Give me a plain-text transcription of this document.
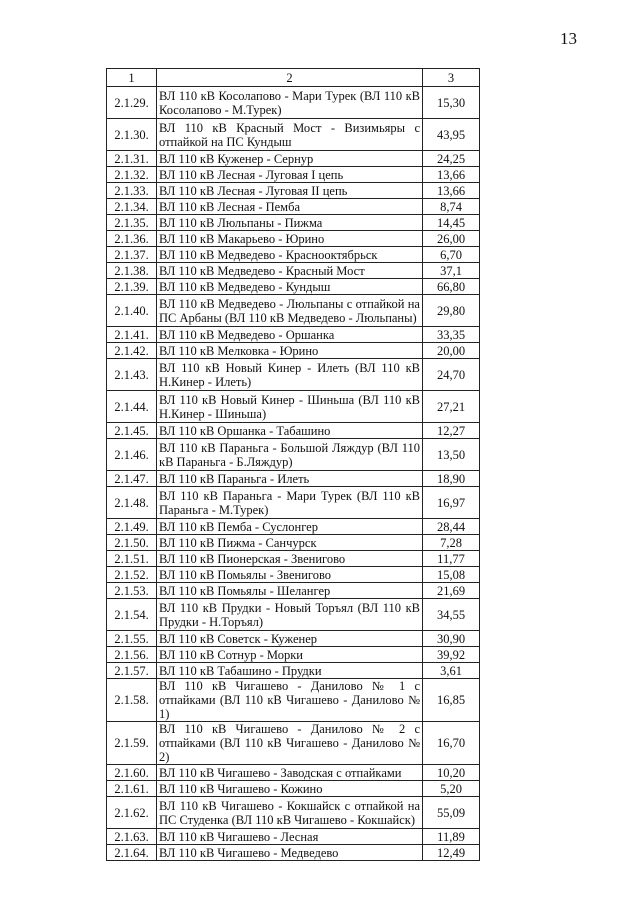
13
1	2	3
2.1.29.	ВЛ 110 кВ Косолапово - Мари Турек (ВЛ 110 кВ Косолапово - М.Турек)	15,30
2.1.30.	ВЛ 110 кВ Красный Мост - Визимьяры с отпайкой на ПС Кундыш	43,95
2.1.31.	ВЛ 110 кВ Куженер - Сернур	24,25
2.1.32.	ВЛ 110 кВ Лесная - Луговая I цепь	13,66
2.1.33.	ВЛ 110 кВ Лесная - Луговая II цепь	13,66
2.1.34.	ВЛ 110 кВ Лесная - Пемба	8,74
2.1.35.	ВЛ 110 кВ Люльпаны - Пижма	14,45
2.1.36.	ВЛ 110 кВ Макарьево - Юрино	26,00
2.1.37.	ВЛ 110 кВ Медведево - Краснооктябрьск	6,70
2.1.38.	ВЛ 110 кВ Медведево - Красный Мост	37,1
2.1.39.	ВЛ 110 кВ Медведево - Кундыш	66,80
2.1.40.	ВЛ 110 кВ Медведево - Люльпаны с отпайкой на ПС Арбаны (ВЛ 110 кВ Медведево - Люльпаны)	29,80
2.1.41.	ВЛ 110 кВ Медведево - Оршанка	33,35
2.1.42.	ВЛ 110 кВ Мелковка - Юрино	20,00
2.1.43.	ВЛ 110 кВ Новый Кинер - Илеть (ВЛ 110 кВ Н.Кинер - Илеть)	24,70
2.1.44.	ВЛ 110 кВ Новый Кинер - Шиньша (ВЛ 110 кВ Н.Кинер - Шиньша)	27,21
2.1.45.	ВЛ 110 кВ Оршанка - Табашино	12,27
2.1.46.	ВЛ 110 кВ Параньга - Большой Ляждур (ВЛ 110 кВ Параньга - Б.Ляждур)	13,50
2.1.47.	ВЛ 110 кВ Параньга - Илеть	18,90
2.1.48.	ВЛ 110 кВ Параньга - Мари Турек (ВЛ 110 кВ Параньга - М.Турек)	16,97
2.1.49.	ВЛ 110 кВ Пемба - Суслонгер	28,44
2.1.50.	ВЛ 110 кВ Пижма - Санчурск	7,28
2.1.51.	ВЛ 110 кВ Пионерская - Звенигово	11,77
2.1.52.	ВЛ 110 кВ Помьялы - Звенигово	15,08
2.1.53.	ВЛ 110 кВ Помьялы - Шелангер	21,69
2.1.54.	ВЛ 110 кВ Прудки - Новый Торъял (ВЛ 110 кВ Прудки - Н.Торъял)	34,55
2.1.55.	ВЛ 110 кВ Советск - Куженер	30,90
2.1.56.	ВЛ 110 кВ Сотнур - Морки	39,92
2.1.57.	ВЛ 110 кВ Табашино - Прудки	3,61
2.1.58.	ВЛ 110 кВ Чигашево - Данилово № 1 с отпайками (ВЛ 110 кВ Чигашево - Данилово № 1)	16,85
2.1.59.	ВЛ 110 кВ Чигашево - Данилово № 2 с отпайками (ВЛ 110 кВ Чигашево - Данилово № 2)	16,70
2.1.60.	ВЛ 110 кВ Чигашево - Заводская с отпайками	10,20
2.1.61.	ВЛ 110 кВ Чигашево - Кожино	5,20
2.1.62.	ВЛ 110 кВ Чигашево - Кокшайск с отпайкой на ПС Студенка (ВЛ 110 кВ Чигашево - Кокшайск)	55,09
2.1.63.	ВЛ 110 кВ Чигашево - Лесная	11,89
2.1.64.	ВЛ 110 кВ Чигашево - Медведево	12,49
